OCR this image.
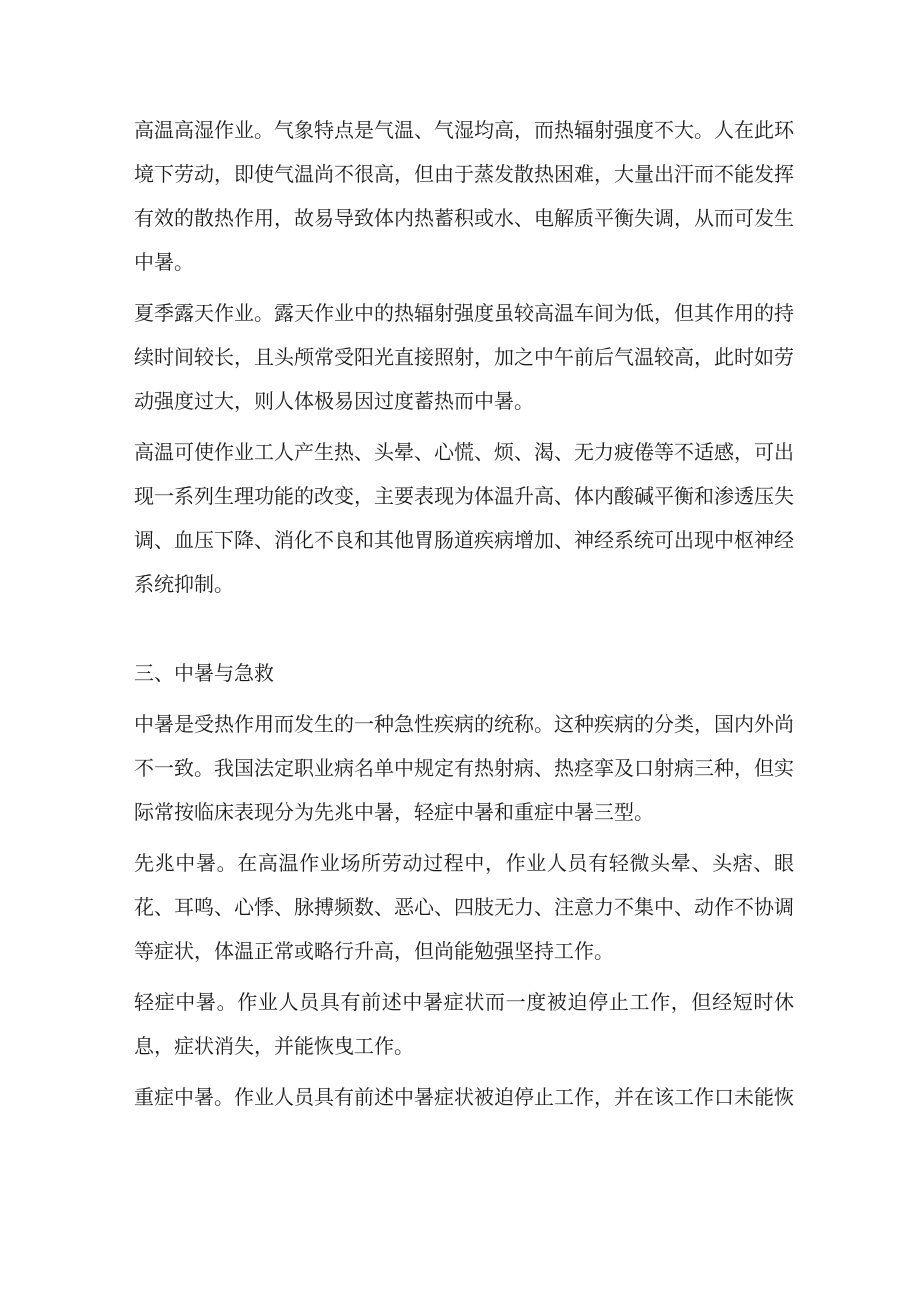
高温高湿作业。气象特点是气温、气湿均高，而热辐射强度不大。人在此环境下劳动，即使气温尚不很高，但由于蒸发散热困难，大量出汗而不能发挥有效的散热作用，故易导致体内热蓄积或水、电解质平衡失调，从而可发生中暑。

夏季露天作业。露天作业中的热辐射强度虽较高温车间为低，但其作用的持续时间较长，且头颅常受阳光直接照射，加之中午前后气温较高，此时如劳动强度过大，则人体极易因过度蓄热而中暑。

高温可使作业工人产生热、头晕、心慌、烦、渴、无力疲倦等不适感，可出现一系列生理功能的改变，主要表现为体温升高、体内酸碱平衡和渗透压失调、血压下降、消化不良和其他胃肠道疾病增加、神经系统可出现中枢神经系统抑制。

三、中暑与急救

中暑是受热作用而发生的一种急性疾病的统称。这种疾病的分类，国内外尚不一致。我国法定职业病名单中规定有热射病、热痉挛及口射病三种，但实际常按临床表现分为先兆中暑，轻症中暑和重症中暑三型。

先兆中暑。在高温作业场所劳动过程中，作业人员有轻微头晕、头痞、眼花、耳鸣、心悸、脉搏频数、恶心、四肢无力、注意力不集中、动作不协调等症状，体温正常或略行升高，但尚能勉强坚持工作。

轻症中暑。作业人员具有前述中暑症状而一度被迫停止工作，但经短时休息，症状消失，并能恢曳工作。

重症中暑。作业人员具有前述中暑症状被迫停止工作，并在该工作口未能恢
